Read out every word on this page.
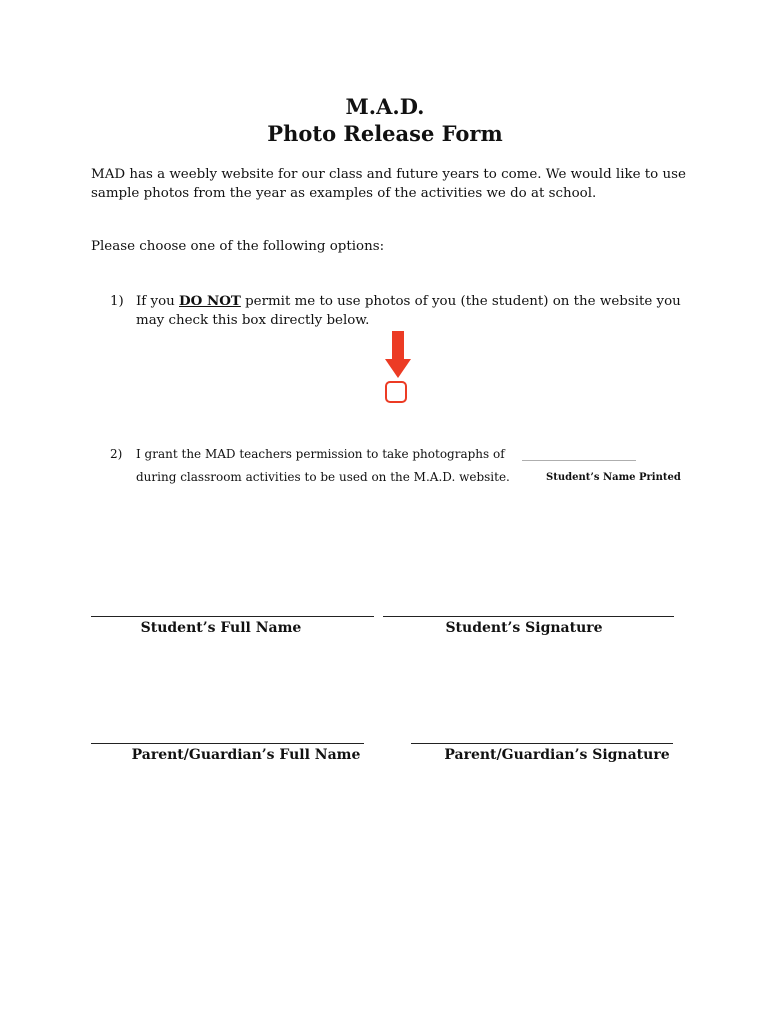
M.A.D.
Photo Release Form
MAD has a weebly website for our class and future years to come. We would like to use
sample photos from the year as examples of the activities we do at school.
Please choose one of the following options:
1) If you DO NOT permit me to use photos of you (the student) on the website you
may check this box directly below.
2) I grant the MAD teachers permission to take photographs of
during classroom activities to be used on the M.A.D. website.
___________________
Student’s Name Printed
Student’s Full Name	Student’s Signature
Parent/Guardian’s Full Name	Parent/Guardian’s Signature
